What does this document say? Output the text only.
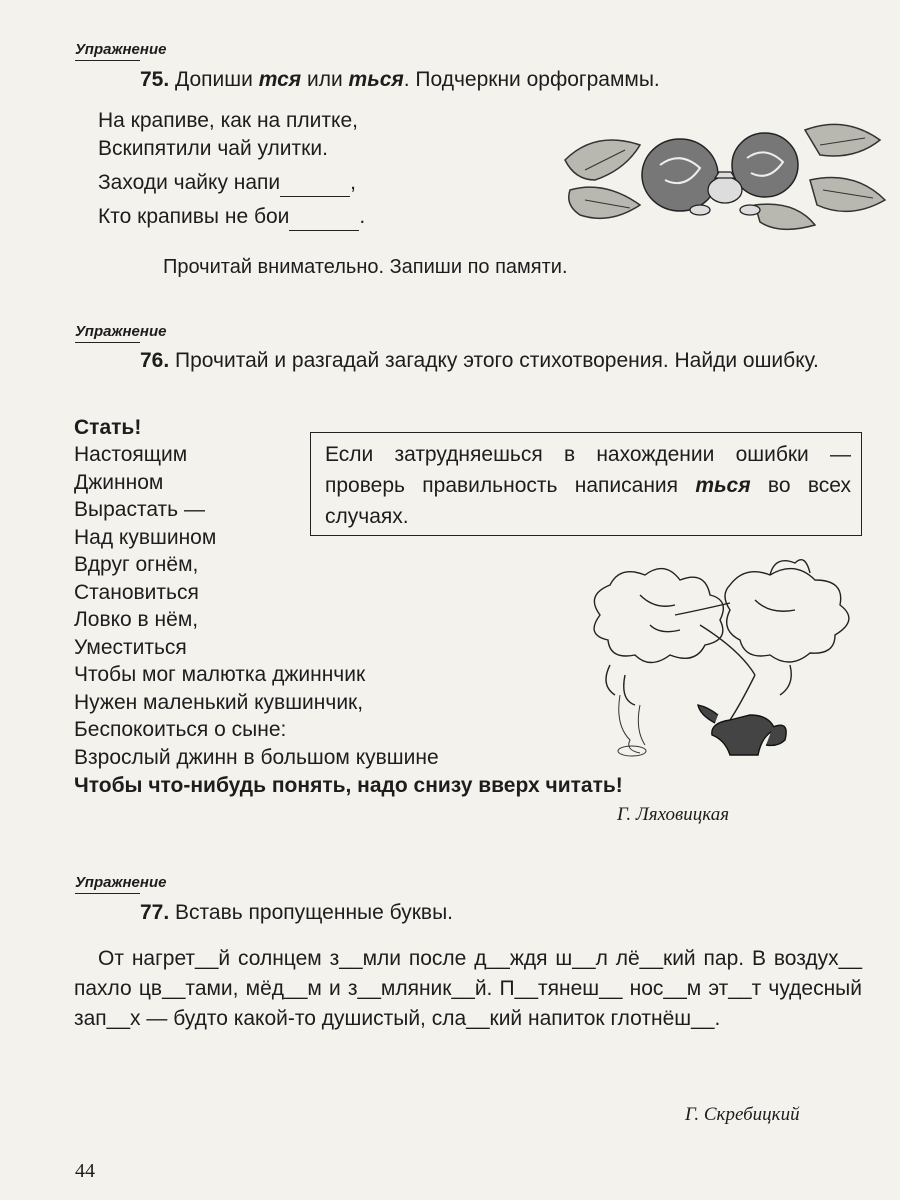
Упражнение
75. Допиши тся или ться. Подчеркни орфограммы.
На крапиве, как на плитке,
Вскипятили чай улитки.
Заходи чайку напи	,
Кто крапивы не бои	.
Прочитай внимательно. Запиши по памяти.
Упражнение
76. Прочитай и разгадай загадку этого стихотворения. Найди ошибку.
Стать!
Настоящим
Джинном
Вырастать —
Над кувшином
Вдруг огнём,
Становиться
Ловко в нём,
Уместиться
Чтобы мог малютка джиннчик
Нужен маленький кувшинчик,
Беспокоиться о сыне:
Взрослый джинн в большом кувшине
Чтобы что-нибудь понять, надо снизу вверх читать!
Если затрудняешься в нахождении ошибки — проверь правильность написания ться во всех случаях.
Г. Ляховицкая
Упражнение
77. Вставь пропущенные буквы.
От нагрет__й солнцем з__мли после д__ждя ш__л лё__кий пар. В воздух__ пахло цв__тами, мёд__м и з__мляник__й. П__тянеш__ нос__м эт__т чудесный зап__х — будто какой-то душистый, сла__кий напиток глотнёш__.
Г. Скребицкий
44
